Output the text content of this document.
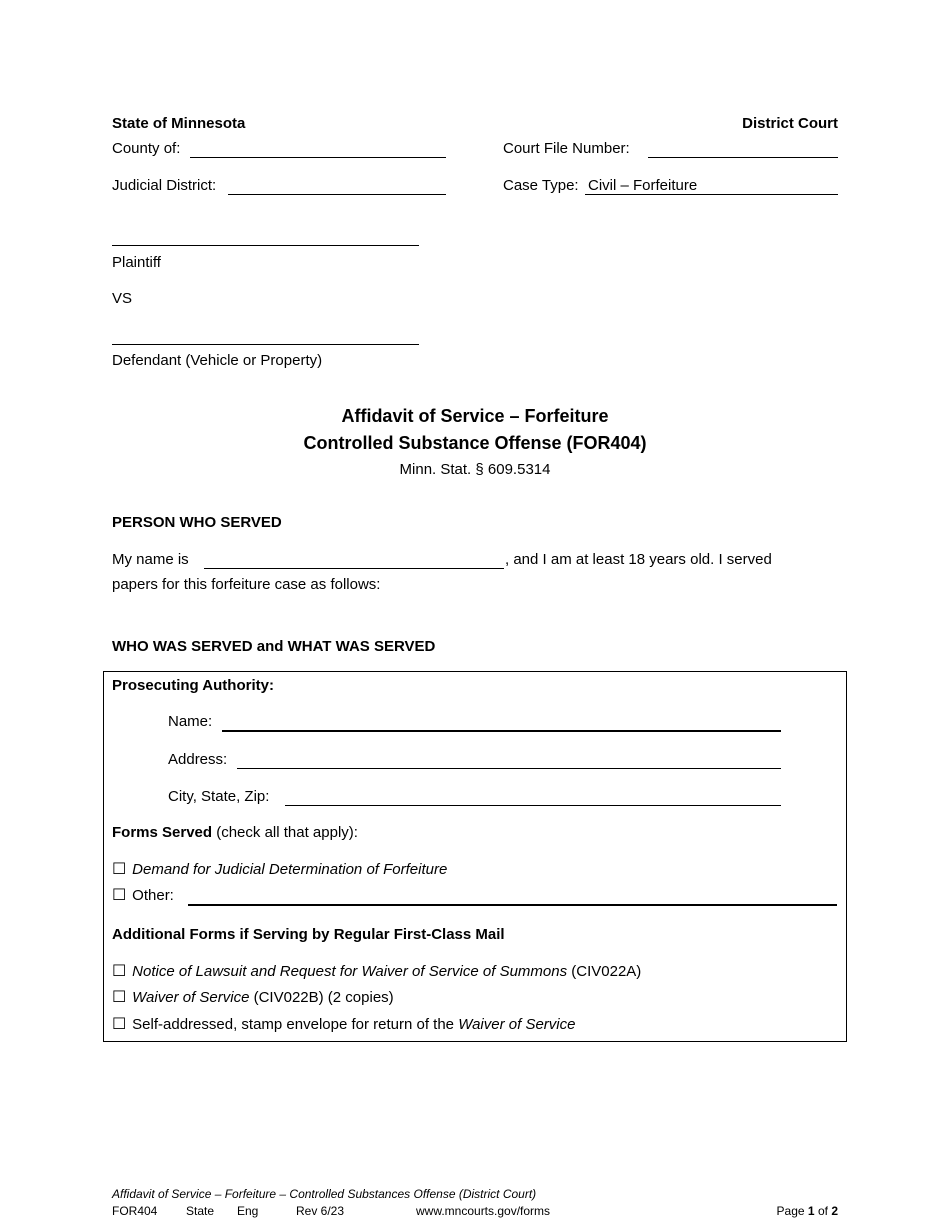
State of Minnesota	District Court
County of:	Court File Number:
Judicial District:	Case Type: Civil – Forfeiture
Plaintiff
VS
Defendant (Vehicle or Property)
Affidavit of Service – Forfeiture
Controlled Substance Offense (FOR404)
Minn. Stat. § 609.5314
PERSON WHO SERVED
My name is	, and I am at least 18 years old. I served
papers for this forfeiture case as follows:
WHO WAS SERVED and WHAT WAS SERVED
Prosecuting Authority:
Name:
Address:
City, State, Zip:
Forms Served (check all that apply):
☐ Demand for Judicial Determination of Forfeiture
☐ Other:
Additional Forms if Serving by Regular First-Class Mail
☐ Notice of Lawsuit and Request for Waiver of Service of Summons (CIV022A)
☐ Waiver of Service (CIV022B) (2 copies)
☐ Self-addressed, stamp envelope for return of the Waiver of Service
Affidavit of Service – Forfeiture – Controlled Substances Offense (District Court)
FOR404 State Eng	Rev 6/23	www.mncourts.gov/forms	Page 1 of 2
